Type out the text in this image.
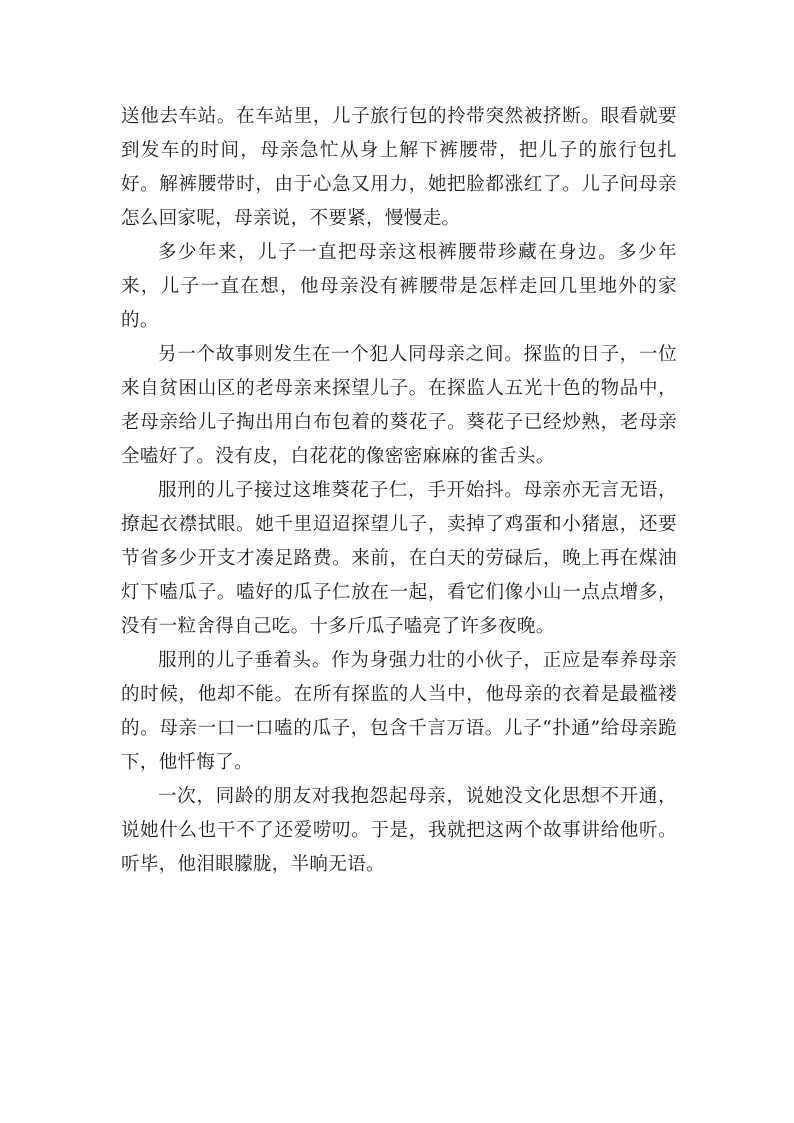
送他去车站。在车站里，儿子旅行包的拎带突然被挤断。眼看就要到发车的时间，母亲急忙从身上解下裤腰带，把儿子的旅行包扎好。解裤腰带时，由于心急又用力，她把脸都涨红了。儿子问母亲怎么回家呢，母亲说，不要紧，慢慢走。

多少年来，儿子一直把母亲这根裤腰带珍藏在身边。多少年来，儿子一直在想，他母亲没有裤腰带是怎样走回几里地外的家的。

另一个故事则发生在一个犯人同母亲之间。探监的日子，一位来自贫困山区的老母亲来探望儿子。在探监人五光十色的物品中，老母亲给儿子掏出用白布包着的葵花子。葵花子已经炒熟，老母亲全嗑好了。没有皮，白花花的像密密麻麻的雀舌头。

服刑的儿子接过这堆葵花子仁，手开始抖。母亲亦无言无语，撩起衣襟拭眼。她千里迢迢探望儿子，卖掉了鸡蛋和小猪崽，还要节省多少开支才凑足路费。来前，在白天的劳碌后，晚上再在煤油灯下嗑瓜子。嗑好的瓜子仁放在一起，看它们像小山一点点增多，没有一粒舍得自己吃。十多斤瓜子嗑亮了许多夜晚。

服刑的儿子垂着头。作为身强力壮的小伙子，正应是奉养母亲的时候，他却不能。在所有探监的人当中，他母亲的衣着是最褴褛的。母亲一口一口嗑的瓜子，包含千言万语。儿子“扑通”给母亲跪下，他忏悔了。

一次，同龄的朋友对我抱怨起母亲，说她没文化思想不开通，说她什么也干不了还爱唠叨。于是，我就把这两个故事讲给他听。听毕，他泪眼朦胧，半晌无语。
